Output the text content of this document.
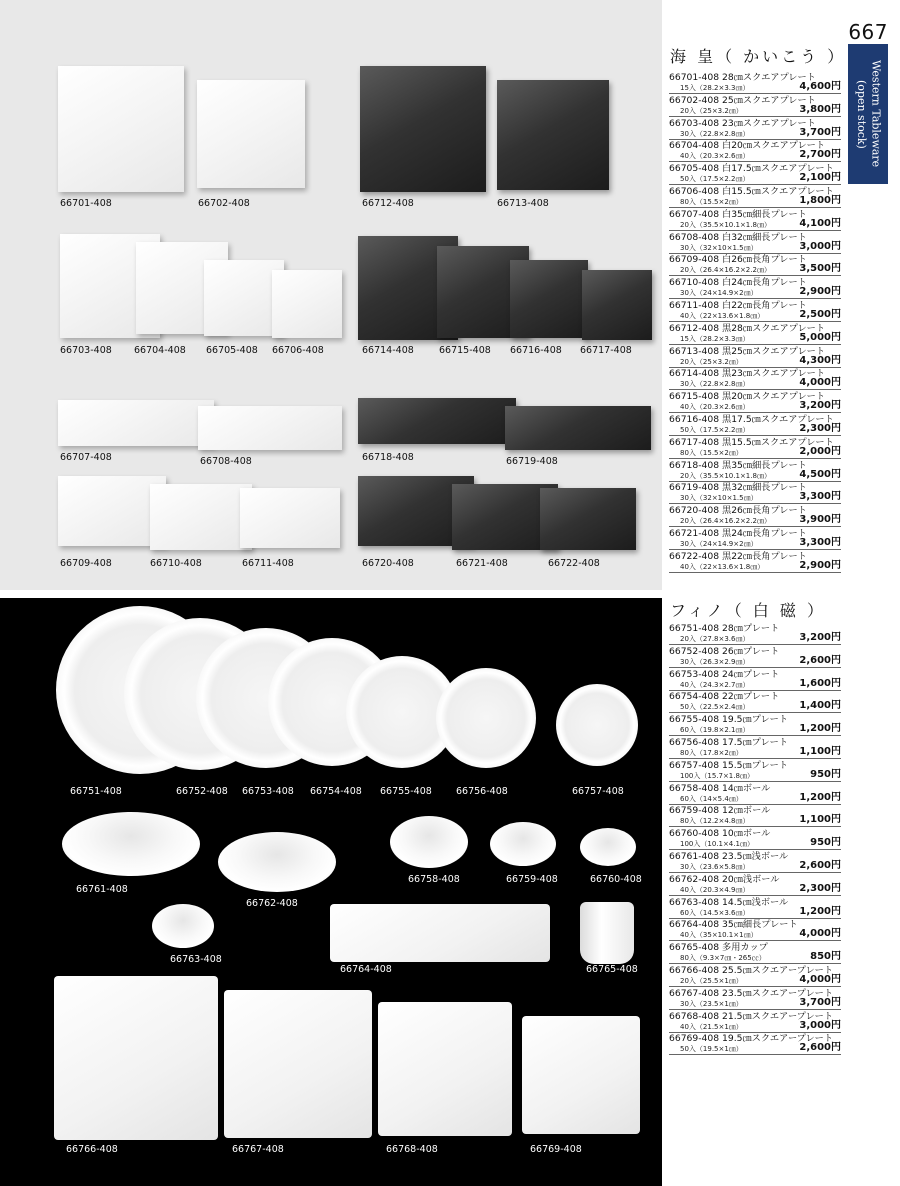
66701-408	66702-408	66712-408	66713-408
66703-408 66704-408 66705-408 66706-408	66714-408	66715-408 66716-408 66717-408
66707-408	66708-408	66718-408	66719-408
66709-408	66710-408	66711-408	66720-408	66721-408	66722-408
66751-408	66752-408 66753-408 66754-408 66755-408	66756-408	66757-408
66761-408
66762-408
66758-408	66759-408	66760-408
66763-408
66764-408	66765-408
66766-408	66767-408	66768-408	66769-408
667
Western Tableware (open stock)
海 皇（ かいこう ）
フィノ（ 白 磁 ）
66701-408 28㎝スクエアプレート
15入（28.2×3.3㎝）	4,600円
66702-408 25㎝スクエアプレート
20入（25×3.2㎝）	3,800円
66703-408 23㎝スクエアプレート
30入（22.8×2.8㎝）	3,700円
66704-408 白20㎝スクエアプレート
40入（20.3×2.6㎝）	2,700円
66705-408 白17.5㎝スクエアプレート
50入（17.5×2.2㎝）	2,100円
66706-408 白15.5㎝スクエアプレート
80入（15.5×2㎝）	1,800円
66707-408 白35㎝細長プレート
20入（35.5×10.1×1.8㎝）	4,100円
66708-408 白32㎝細長プレート
30入（32×10×1.5㎝）	3,000円
66709-408 白26㎝長角プレート
20入（26.4×16.2×2.2㎝）	3,500円
66710-408 白24㎝長角プレート
30入（24×14.9×2㎝）	2,900円
66711-408 白22㎝長角プレート
40入（22×13.6×1.8㎝）	2,500円
66712-408 黒28㎝スクエアプレート
15入（28.2×3.3㎝）	5,000円
66713-408 黒25㎝スクエアプレート
20入（25×3.2㎝）	4,300円
66714-408 黒23㎝スクエアプレート
30入（22.8×2.8㎝）	4,000円
66715-408 黒20㎝スクエアプレート
40入（20.3×2.6㎝）	3,200円
66716-408 黒17.5㎝スクエアプレート
50入（17.5×2.2㎝）	2,300円
66717-408 黒15.5㎝スクエアプレート
80入（15.5×2㎝）	2,000円
66718-408 黒35㎝細長プレート
20入（35.5×10.1×1.8㎝）	4,500円
66719-408 黒32㎝細長プレート
30入（32×10×1.5㎝）	3,300円
66720-408 黒26㎝長角プレート
20入（26.4×16.2×2.2㎝）	3,900円
66721-408 黒24㎝長角プレート
30入（24×14.9×2㎝）	3,300円
66722-408 黒22㎝長角プレート
40入（22×13.6×1.8㎝）	2,900円
66751-408 28㎝プレート
20入（27.8×3.6㎝）	3,200円
66752-408 26㎝プレート
30入（26.3×2.9㎝）	2,600円
66753-408 24㎝プレート
40入（24.3×2.7㎝）	1,600円
66754-408 22㎝プレート
50入（22.5×2.4㎝）	1,400円
66755-408 19.5㎝プレート
60入（19.8×2.1㎝）	1,200円
66756-408 17.5㎝プレート
80入（17.8×2㎝）	1,100円
66757-408 15.5㎝プレート
100入（15.7×1.8㎝）	950円
66758-408 14㎝ボール
60入（14×5.4㎝）	1,200円
66759-408 12㎝ボール
80入（12.2×4.8㎝）	1,100円
66760-408 10㎝ボール
100入（10.1×4.1㎝）	950円
66761-408 23.5㎝浅ボール
30入（23.6×5.8㎝）	2,600円
66762-408 20㎝浅ボール
40入（20.3×4.9㎝）	2,300円
66763-408 14.5㎝浅ボール
60入（14.5×3.6㎝）	1,200円
66764-408 35㎝細長プレート
40入（35×10.1×1㎝）	4,000円
66765-408 多用カップ
80入（9.3×7㎝・265㏄）	850円
66766-408 25.5㎝スクエアープレート
20入（25.5×1㎝）	4,000円
66767-408 23.5㎝スクエアープレート
30入（23.5×1㎝）	3,700円
66768-408 21.5㎝スクエアープレート
40入（21.5×1㎝）	3,000円
66769-408 19.5㎝スクエアープレート
50入（19.5×1㎝）	2,600円
